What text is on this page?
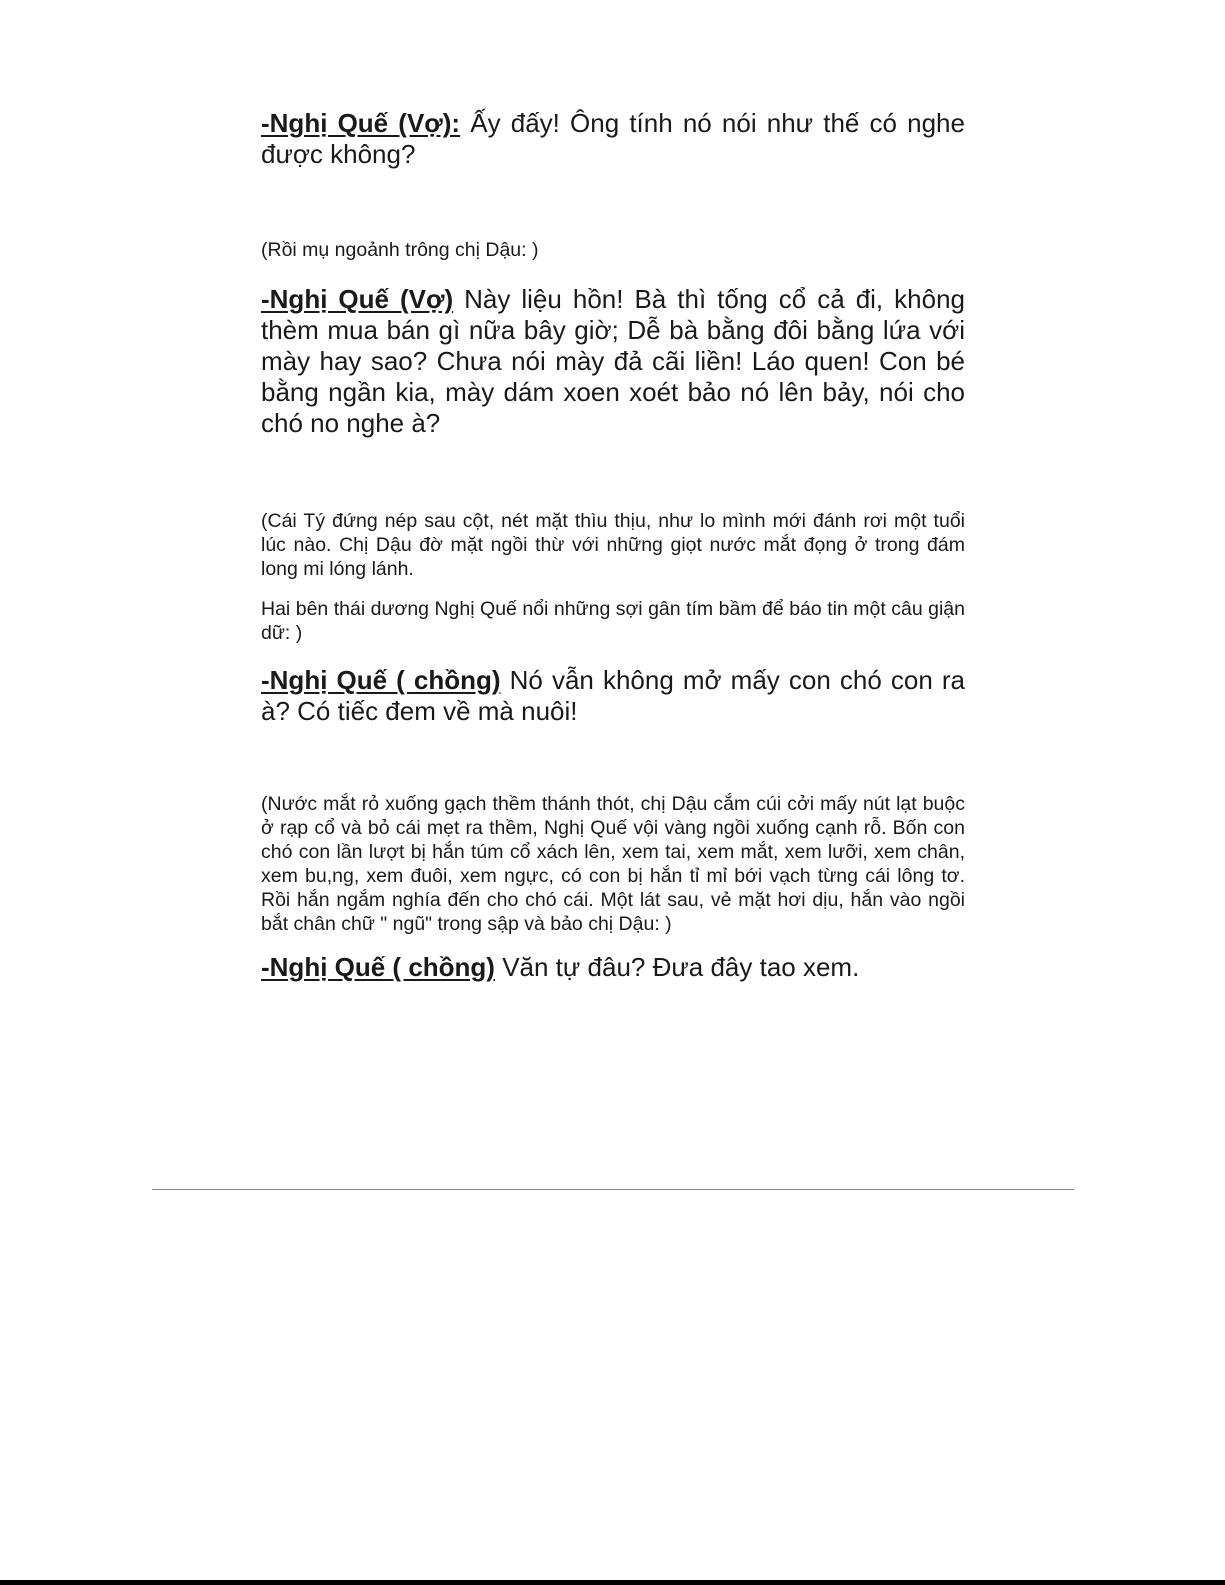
-Nghị Quế (Vợ): Ấy đấy! Ông tính nó nói như thế có nghe được không?

(Rồi mụ ngoảnh trông chị Dậu: )

-Nghị Quế (Vợ) Này liệu hồn! Bà thì tống cổ cả đi, không thèm mua bán gì nữa bây giờ; Dễ bà bằng đôi bằng lứa với mày hay sao? Chưa nói mày đả cãi liền! Láo quen! Con bé bằng ngần kia, mày dám xoen xoét bảo nó lên bảy, nói cho chó no nghe à?

(Cái Tý đứng nép sau cột, nét mặt thìu thịu, như lo mình mới đánh rơi một tuổi lúc nào. Chị Dậu đờ mặt ngồi thừ với những giọt nước mắt đọng ở trong đám long mi lóng lánh.

Hai bên thái dương Nghị Quế nổi những sợi gân tím bầm để báo tin một câu giận dữ: )

-Nghị Quế ( chồng) Nó vẫn không mở mấy con chó con ra à? Có tiếc đem về mà nuôi!

(Nước mắt rỏ xuống gạch thềm thánh thót, chị Dậu cắm cúi cởi mấy nút lạt buộc ở rạp cổ và bỏ cái mẹt ra thềm, Nghị Quế vội vàng ngồi xuống cạnh rỗ. Bốn con chó con lần lượt bị hắn túm cổ xách lên, xem tai, xem mắt, xem lưỡi, xem chân, xem bu,ng, xem đuôi, xem ngực, có con bị hắn tỉ mỉ bới vạch từng cái lông tơ. Rồi hắn ngắm nghía đến cho chó cái. Một lát sau, vẻ mặt hơi dịu, hắn vào ngồi bắt chân chữ " ngũ" trong sập và bảo chị Dậu: )

-Nghị Quế ( chồng) Văn tự đâu? Đưa đây tao xem.
